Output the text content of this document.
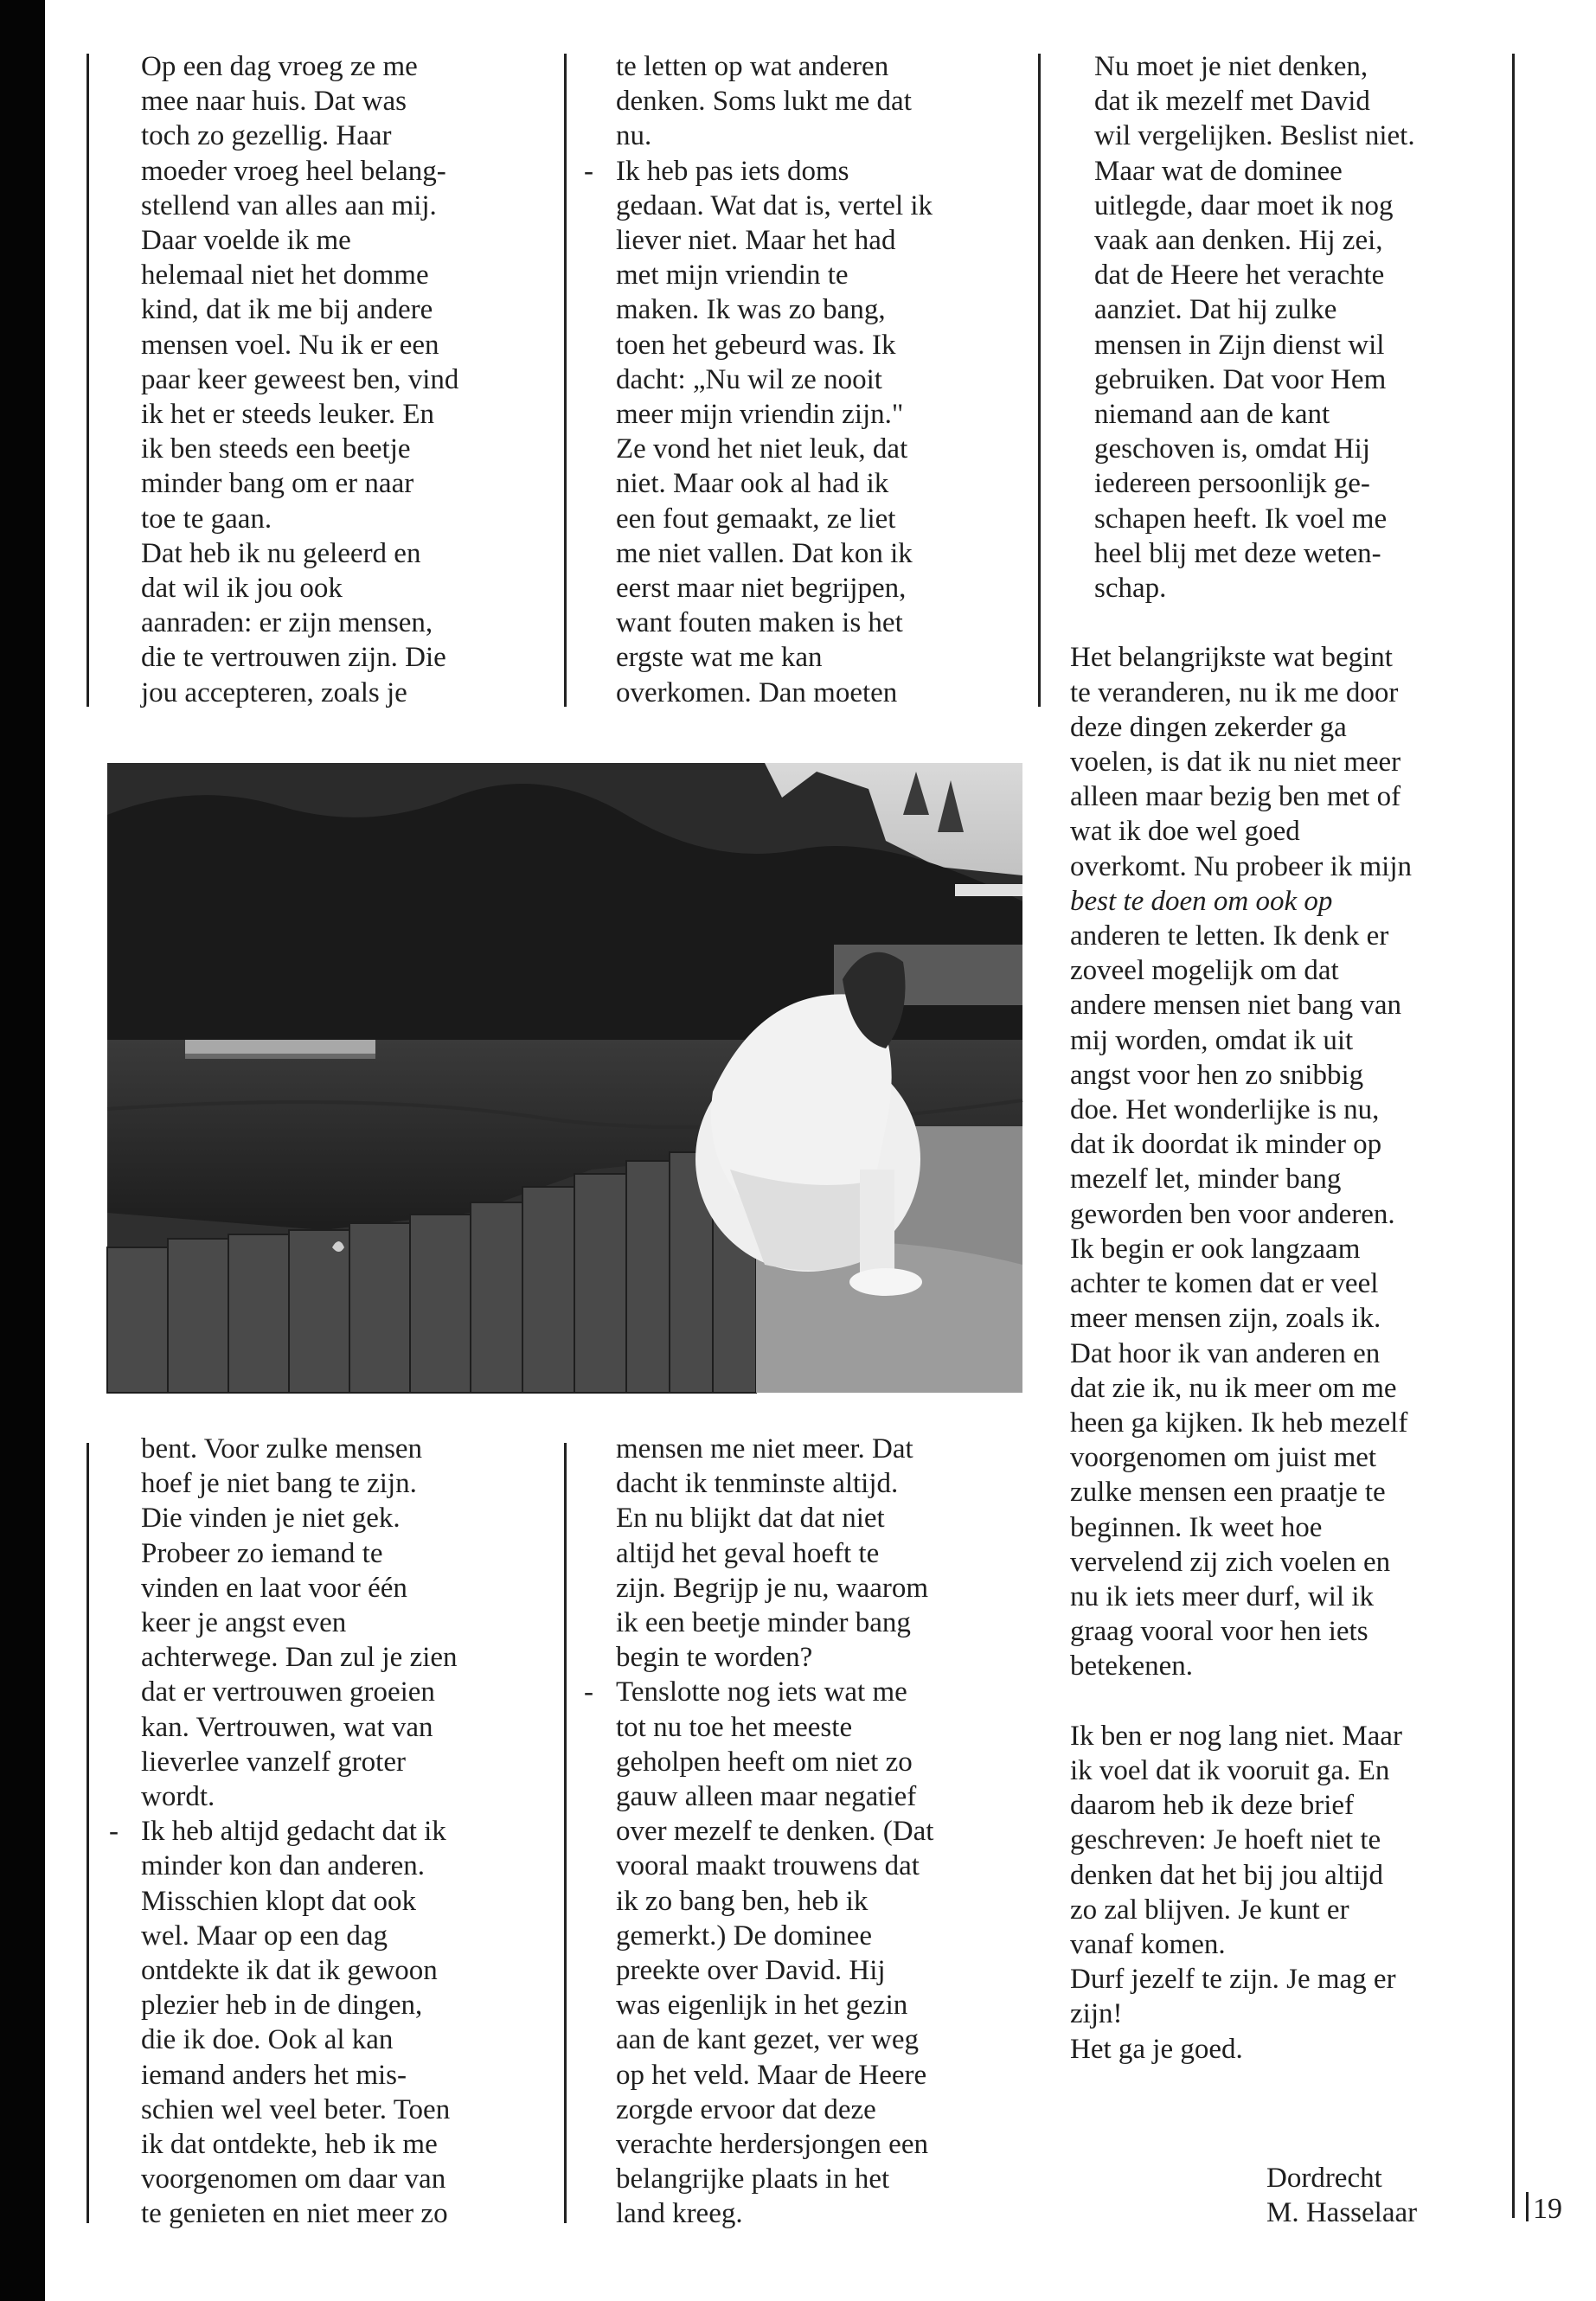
Op een dag vroeg ze me
mee naar huis. Dat was
toch zo gezellig. Haar
moeder vroeg heel belang-
stellend van alles aan mij.
Daar voelde ik me
helemaal niet het domme
kind, dat ik me bij andere
mensen voel. Nu ik er een
paar keer geweest ben, vind
ik het er steeds leuker. En
ik ben steeds een beetje
minder bang om er naar
toe te gaan.
Dat heb ik nu geleerd en
dat wil ik jou ook
aanraden: er zijn mensen,
die te vertrouwen zijn. Die
jou accepteren, zoals je
te letten op wat anderen
denken. Soms lukt me dat
nu.
- Ik heb pas iets doms
gedaan. Wat dat is, vertel ik
liever niet. Maar het had
met mijn vriendin te
maken. Ik was zo bang,
toen het gebeurd was. Ik
dacht: „Nu wil ze nooit
meer mijn vriendin zijn."
Ze vond het niet leuk, dat
niet. Maar ook al had ik
een fout gemaakt, ze liet
me niet vallen. Dat kon ik
eerst maar niet begrijpen,
want fouten maken is het
ergste wat me kan
overkomen. Dan moeten
Nu moet je niet denken,
dat ik mezelf met David
wil vergelijken. Beslist niet.
Maar wat de dominee
uitlegde, daar moet ik nog
vaak aan denken. Hij zei,
dat de Heere het verachte
aanziet. Dat hij zulke
mensen in Zijn dienst wil
gebruiken. Dat voor Hem
niemand aan de kant
geschoven is, omdat Hij
iedereen persoonlijk ge-
schapen heeft. Ik voel me
heel blij met deze weten-
schap.
Het belangrijkste wat begint
te veranderen, nu ik me door
deze dingen zekerder ga
voelen, is dat ik nu niet meer
alleen maar bezig ben met of
wat ik doe wel goed
overkomt. Nu probeer ik mijn
best te doen om ook op
anderen te letten. Ik denk er
zoveel mogelijk om dat
andere mensen niet bang van
mij worden, omdat ik uit
angst voor hen zo snibbig
doe. Het wonderlijke is nu,
dat ik doordat ik minder op
mezelf let, minder bang
geworden ben voor anderen.
Ik begin er ook langzaam
achter te komen dat er veel
meer mensen zijn, zoals ik.
Dat hoor ik van anderen en
dat zie ik, nu ik meer om me
heen ga kijken. Ik heb mezelf
voorgenomen om juist met
zulke mensen een praatje te
beginnen. Ik weet hoe
vervelend zij zich voelen en
nu ik iets meer durf, wil ik
graag vooral voor hen iets
betekenen.
Ik ben er nog lang niet. Maar
ik voel dat ik vooruit ga. En
daarom heb ik deze brief
geschreven: Je hoeft niet te
denken dat het bij jou altijd
zo zal blijven. Je kunt er
vanaf komen.
Durf jezelf te zijn. Je mag er
zijn!
Het ga je goed.
bent. Voor zulke mensen
hoef je niet bang te zijn.
Die vinden je niet gek.
Probeer zo iemand te
vinden en laat voor één
keer je angst even
achterwege. Dan zul je zien
dat er vertrouwen groeien
kan. Vertrouwen, wat van
lieverlee vanzelf groter
wordt.
- Ik heb altijd gedacht dat ik
minder kon dan anderen.
Misschien klopt dat ook
wel. Maar op een dag
ontdekte ik dat ik gewoon
plezier heb in de dingen,
die ik doe. Ook al kan
iemand anders het mis-
schien wel veel beter. Toen
ik dat ontdekte, heb ik me
voorgenomen om daar van
te genieten en niet meer zo
mensen me niet meer. Dat
dacht ik tenminste altijd.
En nu blijkt dat dat niet
altijd het geval hoeft te
zijn. Begrijp je nu, waarom
ik een beetje minder bang
begin te worden?
- Tenslotte nog iets wat me
tot nu toe het meeste
geholpen heeft om niet zo
gauw alleen maar negatief
over mezelf te denken. (Dat
vooral maakt trouwens dat
ik zo bang ben, heb ik
gemerkt.) De dominee
preekte over David. Hij
was eigenlijk in het gezin
aan de kant gezet, ver weg
op het veld. Maar de Heere
zorgde ervoor dat deze
verachte herdersjongen een
belangrijke plaats in het
land kreeg.
Dordrecht
M. Hasselaar	19
